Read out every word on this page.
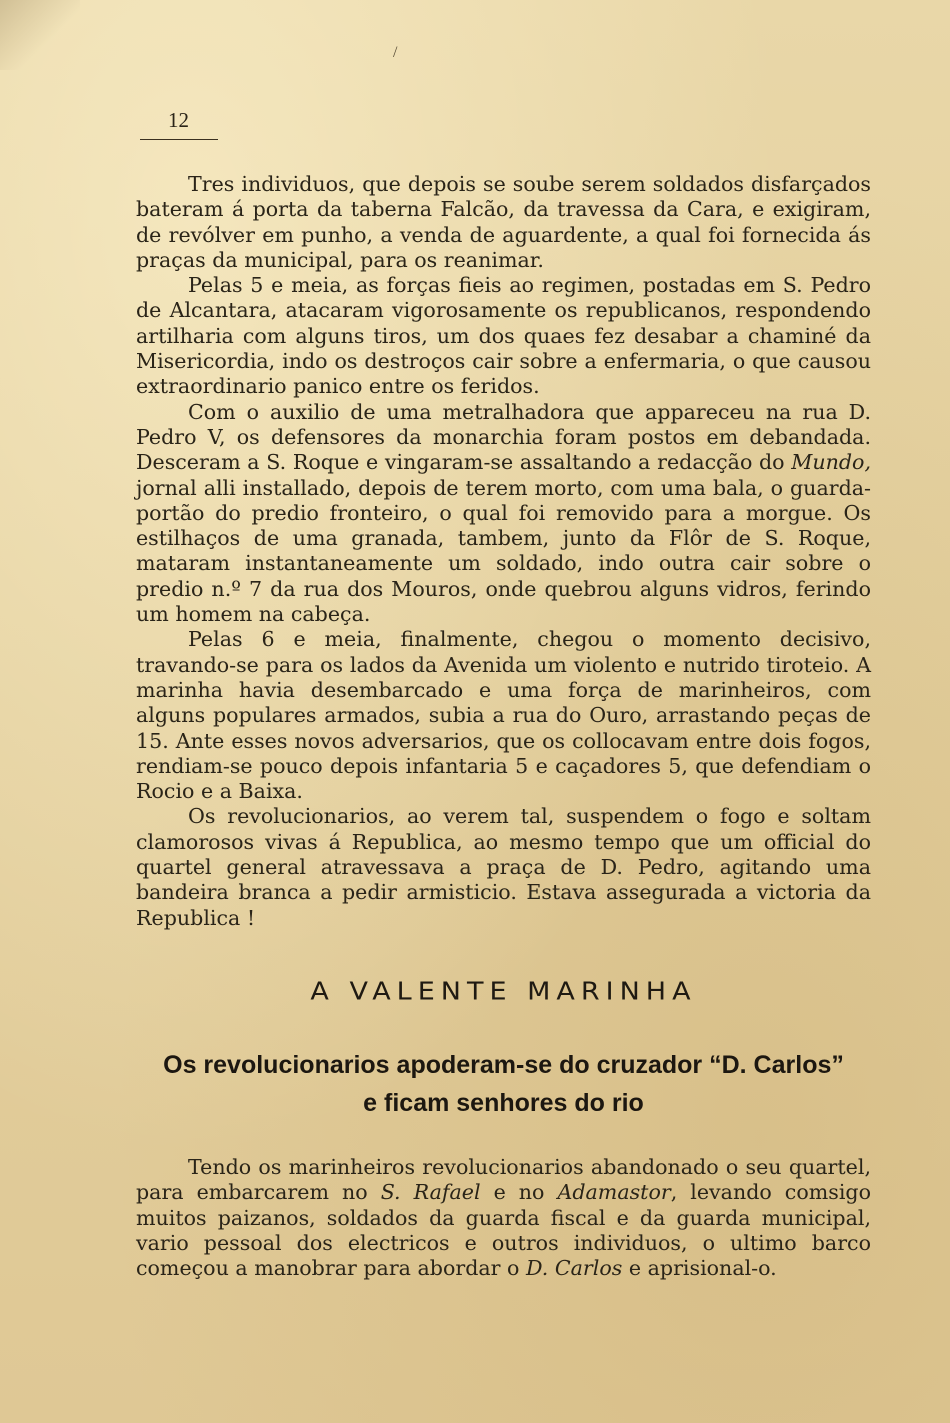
/
12

Tres individuos, que depois se soube serem soldados disfarçados bateram á porta da taberna Falcão, da travessa da Cara, e exigiram, de revólver em punho, a venda de aguardente, a qual foi fornecida ás praças da municipal, para os reanimar.

Pelas 5 e meia, as forças fieis ao regimen, postadas em S. Pedro de Alcantara, atacaram vigorosamente os republicanos, respondendo artilharia com alguns tiros, um dos quaes fez desabar a chaminé da Misericordia, indo os destroços cair sobre a enfermaria, o que causou extraordinario panico entre os feridos.

Com o auxilio de uma metralhadora que appareceu na rua D. Pedro V, os defensores da monarchia foram postos em debandada. Desceram a S. Roque e vingaram-se assaltando a redacção do Mundo, jornal alli installado, depois de terem morto, com uma bala, o guarda-portão do predio fronteiro, o qual foi removido para a morgue. Os estilhaços de uma granada, tambem, junto da Flôr de S. Roque, mataram instantaneamente um soldado, indo outra cair sobre o predio n.º 7 da rua dos Mouros, onde quebrou alguns vidros, ferindo um homem na cabeça.

Pelas 6 e meia, finalmente, chegou o momento decisivo, travando-se para os lados da Avenida um violento e nutrido tiroteio. A marinha havia desembarcado e uma força de marinheiros, com alguns populares armados, subia a rua do Ouro, arrastando peças de 15. Ante esses novos adversarios, que os collocavam entre dois fogos, rendiam-se pouco depois infantaria 5 e caçadores 5, que defendiam o Rocio e a Baixa.

Os revolucionarios, ao verem tal, suspendem o fogo e soltam clamorosos vivas á Republica, ao mesmo tempo que um official do quartel general atravessava a praça de D. Pedro, agitando uma bandeira branca a pedir armisticio. Estava assegurada a victoria da Republica !

A VALENTE MARINHA
Os revolucionarios apoderam-se do cruzador “D. Carlos”
e ficam senhores do rio

Tendo os marinheiros revolucionarios abandonado o seu quartel, para embarcarem no S. Rafael e no Adamastor, levando comsigo muitos paizanos, soldados da guarda fiscal e da guarda municipal, vario pessoal dos electricos e outros individuos, o ultimo barco começou a manobrar para abordar o D. Carlos e aprisional-o.
